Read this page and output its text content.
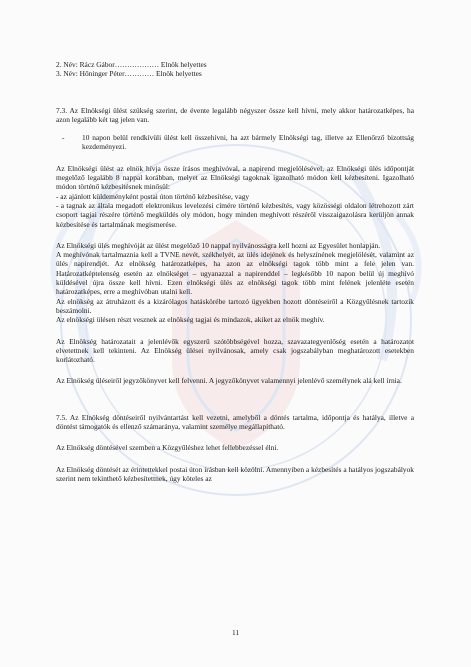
2. Név: Rácz Gábor……………… Elnök helyettes

3. Név: Hőninger Péter………… Elnök helyettes

7.3. Az Elnökségi ülést szükség szerint, de évente legalább négyszer össze kell hívni, mely akkor határozatképes, ha azon legalább két tag jelen van.

- 10 napon belül rendkívüli ülést kell összehívni, ha azt bármely Elnökségi tag, illetve az Ellenőrző bizottság kezdeményezi.

Az Elnökségi ülést az elnök hívja össze írásos meghívóval, a napirend megjelölésével, az Elnökségi ülés időpontját megelőző legalább 8 nappal korábban, melyet az Elnökségi tagoknak igazolható módon kell kézbesíteni. Igazolható módon történő kézbesítésnek minősül:

- az ajánlott küldeményként postai úton történő kézbesítése, vagy

- a tagnak az általa megadott elektronikus levelezési címére történő kézbesítés, vagy közösségi oldalon létrehozott zárt csoport tagjai részére történő megküldés oly módon, hogy minden meghívott részéről visszaigazolásra kerüljön annak kézbesítése és tartalmának megismerése.

Az Elnökségi ülés meghívóját az ülést megelőző 10 nappal nyilvánosságra kell hozni az Egyesület honlapján.

A meghívónak tartalmaznia kell a TVNE nevét, székhelyét, az ülés idejének és helyszínének megjelölését, valamint az ülés napirendjét. Az elnökség határozatképes, ha azon az elnökségi tagok több mint a fele jelen van. Határozatképtelenség esetén az elnökséget – ugyanazzal a napirenddel – legkésőbb 10 napon belül új meghívó küldésével újra össze kell hívni. Ezen elnökségi ülés az elnökségi tagok több mint felének jelenléte esetén határozatképes, erre a meghívóban utalni kell.

Az elnökség az átruházott és a kizárólagos hatáskörébe tartozó ügyekben hozott döntéseiről a Közgyűlésnek tartozik beszámolni.

Az elnökségi ülésen részt vesznek az elnökség tagjai és mindazok, akiket az elnök meghív.

Az Elnökség határozatait a jelenlévők egyszerű szótöbbségével hozza, szavazategyenlőség esetén a határozatot elvetettnek kell tekinteni. Az Elnökség ülései nyilvánosak, amely csak jogszabályban meghatározott esetekben korlátozható.

Az Elnökség üléseiről jegyzőkönyvet kell felvenni. A jegyzőkönyvet valamennyi jelenlévő személynek alá kell írnia.

7.5. Az Elnökség döntéseiről nyilvántartást kell vezetni, amelyből a döntés tartalma, időpontja és hatálya, illetve a döntést támogatók és ellenző számaránya, valamint személye megállapítható.

Az Elnökség döntésével szemben a Közgyűléshez lehet fellebbezéssel élni.

Az Elnökség döntését az érintettekkel postai úton írásban kell közölni. Amennyiben a kézbesítés a hatályos jogszabályok szerint nem tekinthető kézbesítettnek, úgy köteles az

11
